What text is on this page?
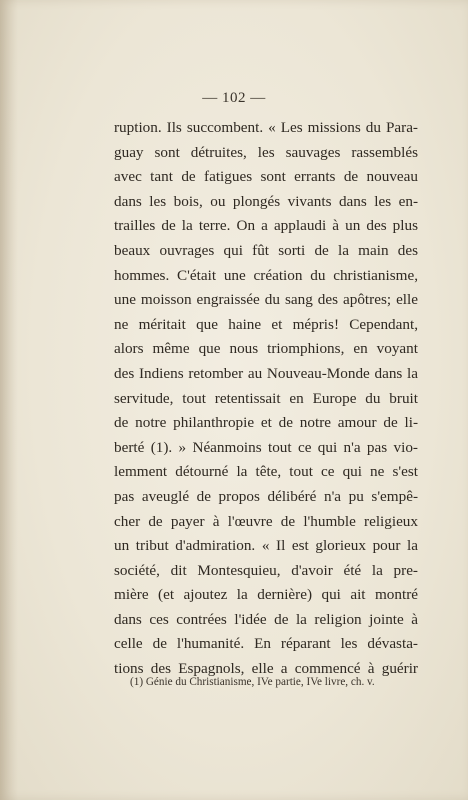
— 102 —
ruption. Ils succombent. « Les missions du Para-
guay sont détruites, les sauvages rassemblés
avec tant de fatigues sont errants de nouveau
dans les bois, ou plongés vivants dans les en-
trailles de la terre. On a applaudi à un des plus
beaux ouvrages qui fût sorti de la main des
hommes. C'était une création du christianisme,
une moisson engraissée du sang des apôtres; elle
ne méritait que haine et mépris! Cependant,
alors même que nous triomphions, en voyant
des Indiens retomber au Nouveau-Monde dans la
servitude, tout retentissait en Europe du bruit
de notre philanthropie et de notre amour de li-
berté (1). » Néanmoins tout ce qui n'a pas vio-
lemment détourné la tête, tout ce qui ne s'est
pas aveuglé de propos délibéré n'a pu s'empê-
cher de payer à l'œuvre de l'humble religieux
un tribut d'admiration. « Il est glorieux pour la
société, dit Montesquieu, d'avoir été la pre-
mière (et ajoutez la dernière) qui ait montré
dans ces contrées l'idée de la religion jointe à
celle de l'humanité. En réparant les dévasta-
tions des Espagnols, elle a commencé à guérir
(1) Génie du Christianisme, IVe partie, IVe livre, ch. v.
